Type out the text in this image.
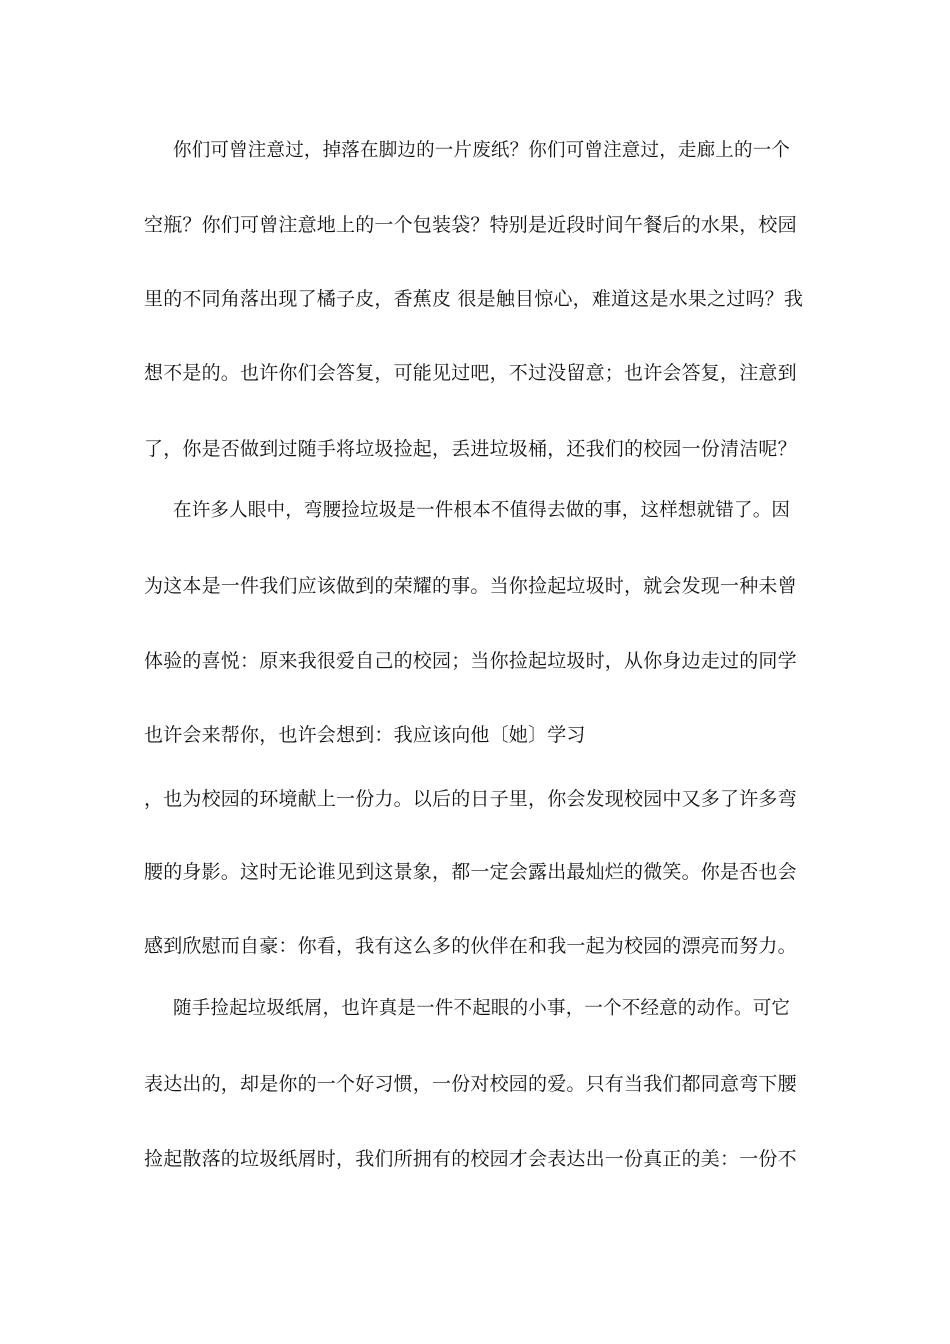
你们可曾注意过，掉落在脚边的一片废纸？你们可曾注意过，走廊上的一个
空瓶？你们可曾注意地上的一个包装袋？特别是近段时间午餐后的水果，校园
里的不同角落出现了橘子皮，香蕉皮 很是触目惊心，难道这是水果之过吗？我
想不是的。也许你们会答复，可能见过吧，不过没留意；也许会答复，注意到
了，你是否做到过随手将垃圾捡起，丢进垃圾桶，还我们的校园一份清洁呢？
在许多人眼中，弯腰捡垃圾是一件根本不值得去做的事，这样想就错了。因
为这本是一件我们应该做到的荣耀的事。当你捡起垃圾时，就会发现一种未曾
体验的喜悦：原来我很爱自己的校园；当你捡起垃圾时，从你身边走过的同学
也许会来帮你，也许会想到：我应该向他〔她〕学习
，也为校园的环境献上一份力。以后的日子里，你会发现校园中又多了许多弯
腰的身影。这时无论谁见到这景象，都一定会露出最灿烂的微笑。你是否也会
感到欣慰而自豪：你看，我有这么多的伙伴在和我一起为校园的漂亮而努力。
随手捡起垃圾纸屑，也许真是一件不起眼的小事，一个不经意的动作。可它
表达出的，却是你的一个好习惯，一份对校园的爱。只有当我们都同意弯下腰
捡起散落的垃圾纸屑时，我们所拥有的校园才会表达出一份真正的美：一份不
